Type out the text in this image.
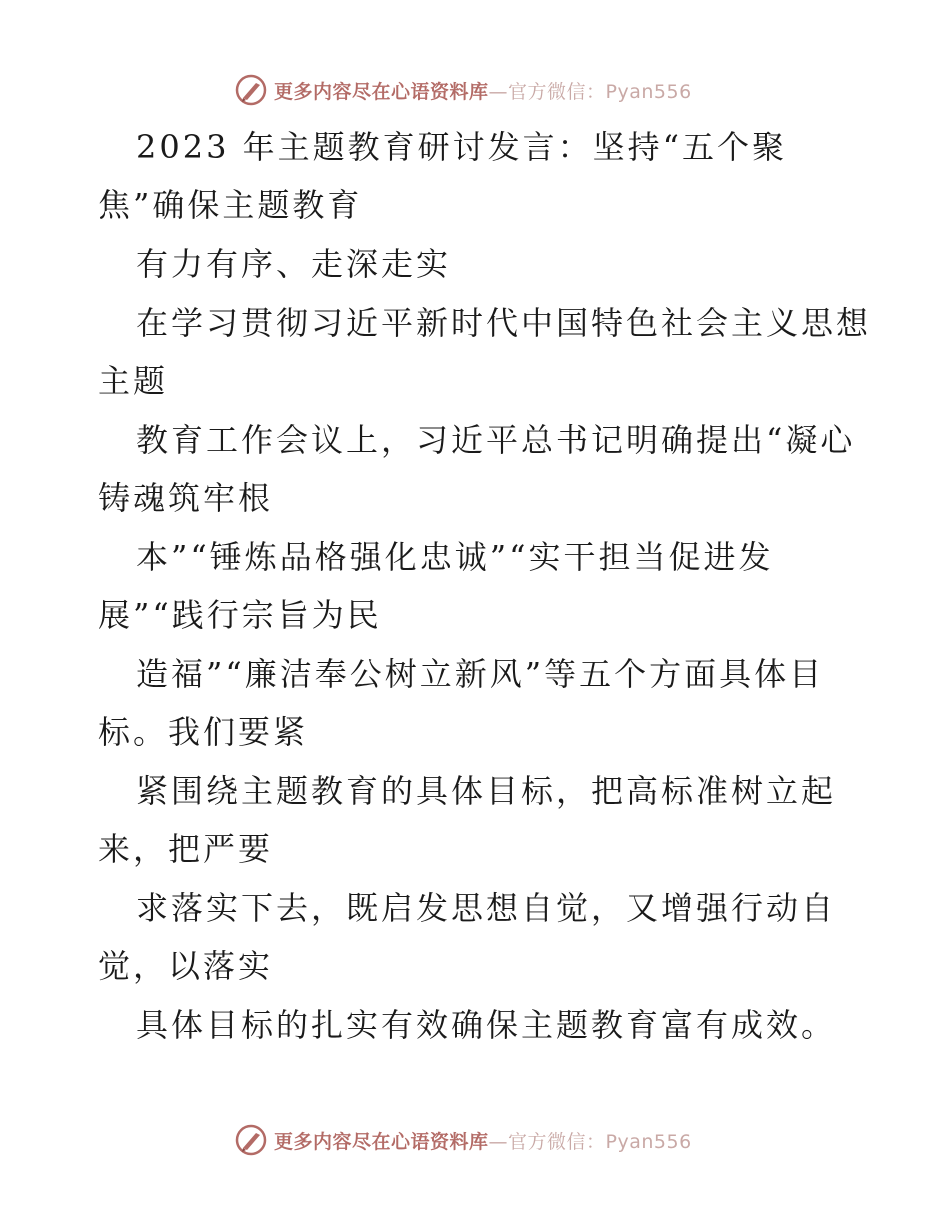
更多内容尽在心语资料库—官方微信：Pyan556
2023 年主题教育研讨发言：坚持“五个聚
焦”确保主题教育
有力有序、走深走实
在学习贯彻习近平新时代中国特色社会主义思想
主题
教育工作会议上，习近平总书记明确提出“凝心
铸魂筑牢根
本”“锤炼品格强化忠诚”“实干担当促进发
展”“践行宗旨为民
造福”“廉洁奉公树立新风”等五个方面具体目
标。我们要紧
紧围绕主题教育的具体目标，把高标准树立起
来，把严要
求落实下去，既启发思想自觉，又增强行动自
觉，以落实
具体目标的扎实有效确保主题教育富有成效。
更多内容尽在心语资料库—官方微信：Pyan556
